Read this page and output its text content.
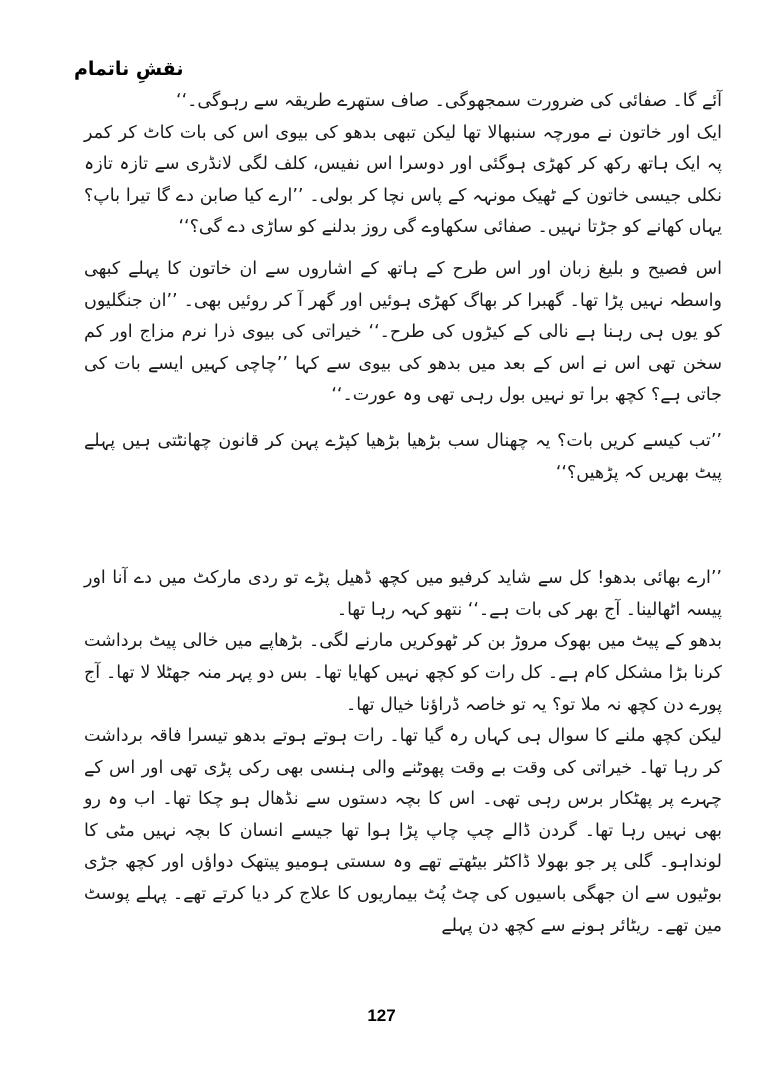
نقشِ ناتمام

آئے گا۔ صفائی کی ضرورت سمجھوگی۔ صاف ستھرے طریقہ سے رہوگی۔‘‘

ایک اور خاتون نے مورچہ سنبھالا تھا لیکن تبھی بدھو کی بیوی اس کی بات کاٹ کر کمر پہ ایک ہاتھ رکھ کر کھڑی ہوگئی اور دوسرا اس نفیس، کلف لگی لانڈری سے تازہ تازہ نکلی جیسی خاتون کے ٹھیک مونہہ کے پاس نچا کر بولی۔ ’’ارے کیا صابن دے گا تیرا باپ؟ یہاں کھانے کو جڑتا نہیں۔ صفائی سکھاوے گی روز بدلنے کو ساڑی دے گی؟‘‘

اس فصیح و بلیغ زبان اور اس طرح کے ہاتھ کے اشاروں سے ان خاتون کا پہلے کبھی واسطہ نہیں پڑا تھا۔ گھبرا کر بھاگ کھڑی ہوئیں اور گھر آ کر روئیں بھی۔ ’’ان جنگلیوں کو یوں ہی رہنا ہے نالی کے کیڑوں کی طرح۔‘‘ خیراتی کی بیوی ذرا نرم مزاج اور کم سخن تھی اس نے اس کے بعد میں بدھو کی بیوی سے کہا ’’چاچی کہیں ایسے بات کی جاتی ہے؟ کچھ برا تو نہیں بول رہی تھی وہ عورت۔‘‘

’’تب کیسے کریں بات؟ یہ چھنال سب بڑھیا بڑھیا کپڑے پہن کر قانون چھانٹتی ہیں پہلے پیٹ بھریں کہ پڑھیں؟‘‘

’’ارے بھائی بدھو! کل سے شاید کرفیو میں کچھ ڈھیل پڑے تو ردی مارکٹ میں دے آنا اور پیسہ اٹھالینا۔ آج بھر کی بات ہے۔‘‘ نتھو کہہ رہا تھا۔

بدھو کے پیٹ میں بھوک مروڑ بن کر ٹھوکریں مارنے لگی۔ بڑھاپے میں خالی پیٹ برداشت کرنا بڑا مشکل کام ہے۔ کل رات کو کچھ نہیں کھایا تھا۔ بس دو پہر منہ جھٹلا لا تھا۔ آج پورے دن کچھ نہ ملا تو؟ یہ تو خاصہ ڈراؤنا خیال تھا۔

لیکن کچھ ملنے کا سوال ہی کہاں رہ گیا تھا۔ رات ہوتے ہوتے بدھو تیسرا فاقہ برداشت کر رہا تھا۔ خیراتی کی وقت بے وقت پھوٹنے والی ہنسی بھی رکی پڑی تھی اور اس کے چہرے پر پھٹکار برس رہی تھی۔ اس کا بچہ دستوں سے نڈھال ہو چکا تھا۔ اب وہ رو بھی نہیں رہا تھا۔ گردن ڈالے چپ چاپ پڑا ہوا تھا جیسے انسان کا بچہ نہیں مٹی کا لونداہو۔ گلی پر جو بھولا ڈاکٹر بیٹھتے تھے وہ سستی ہومیو پیتھک دواؤں اور کچھ جڑی بوٹیوں سے ان جھگی باسیوں کی چٹ پُٹ بیماریوں کا علاج کر دیا کرتے تھے۔ پہلے پوسٹ مین تھے۔ ریٹائر ہونے سے کچھ دن پہلے

127
